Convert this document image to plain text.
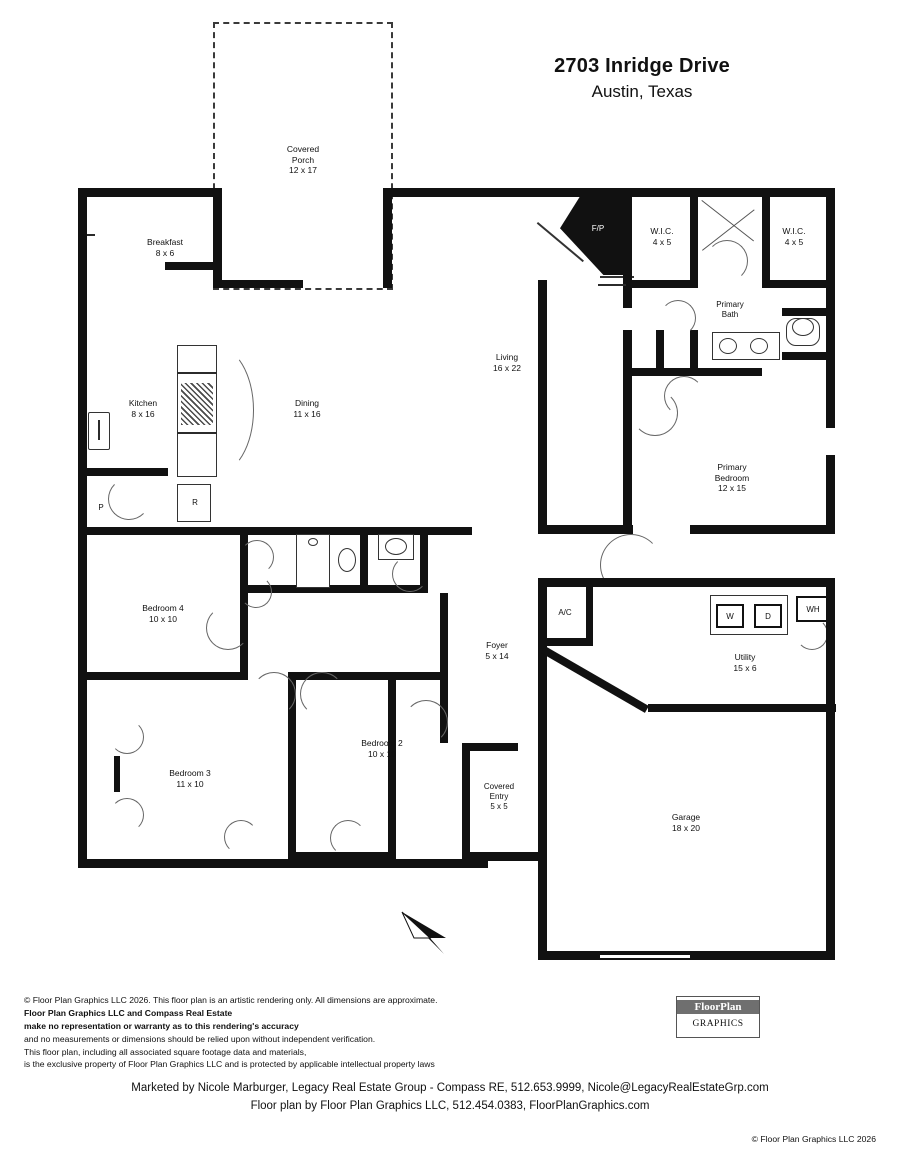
2703 Inridge Drive
Austin, Texas
Covered
Porch
12 x 17
Breakfast
8 x 6
Kitchen
8 x 16
P
R
Dining
11 x 16
Living
16 x 22
F/P	W.I.C.
4 x 5
W.I.C.
4 x 5
Primary
Bath
Primary
Bedroom
12 x 15
Bedroom 4
10 x 10
Bedroom 3
11 x 10
Bedroom 2
10 x 10
Foyer
5 x 14
Covered
Entry
5 x 5
A/C
Utility
15 x 6
W	D
WH
Garage
18 x 20
© Floor Plan Graphics LLC 2026. This floor plan is an artistic rendering only. All dimensions are approximate.
Floor Plan Graphics LLC and Compass Real Estate
make no representation or warranty as to this rendering's accuracy
and no measurements or dimensions should be relied upon without independent verification.
This floor plan, including all associated square footage data and materials,
is the exclusive property of Floor Plan Graphics LLC and is protected by applicable intellectual property laws
FloorPlan
GRAPHICS
Marketed by Nicole Marburger, Legacy Real Estate Group - Compass RE, 512.653.9999, Nicole@LegacyRealEstateGrp.com
Floor plan by Floor Plan Graphics LLC, 512.454.0383, FloorPlanGraphics.com
© Floor Plan Graphics LLC 2026
